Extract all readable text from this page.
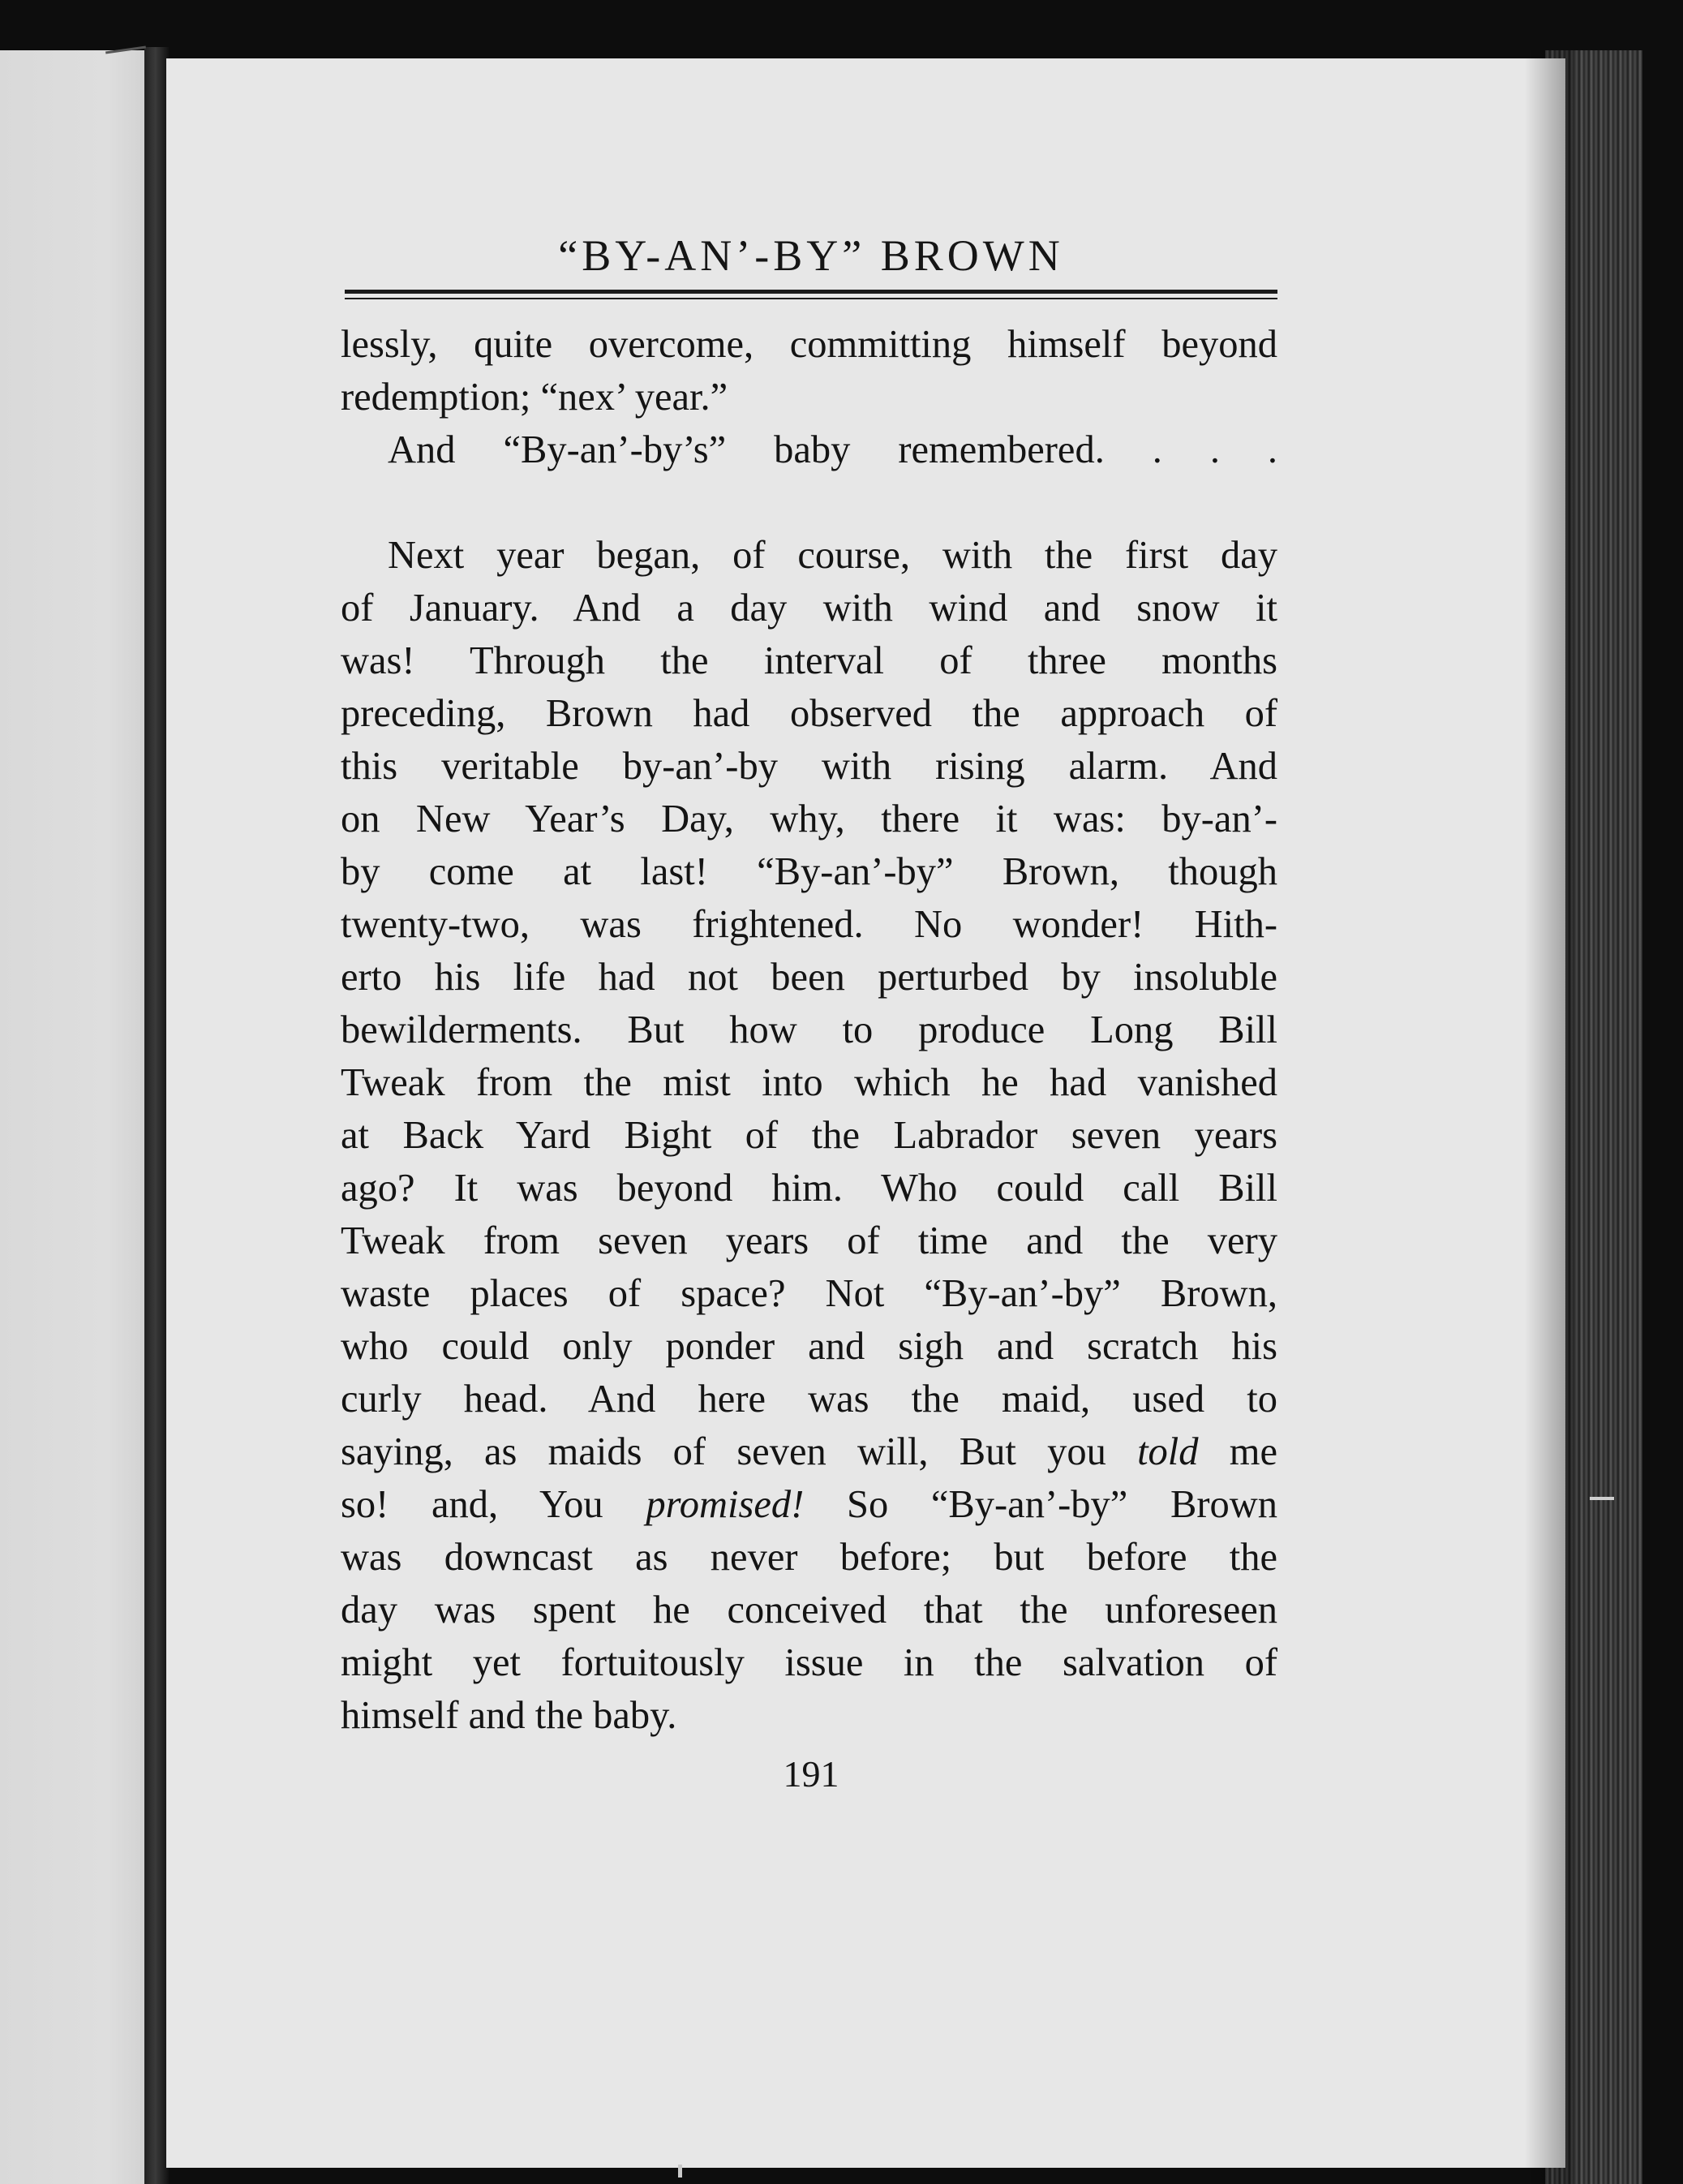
“BY-AN’-BY” BROWN
lessly, quite overcome, committing himself beyond
redemption; “nex’ year.”
And “By-an’-by’s” baby remembered. . . .
Next year began, of course, with the first day
of January. And a day with wind and snow it
was! Through the interval of three months
preceding, Brown had observed the approach of
this veritable by-an’-by with rising alarm. And
on New Year’s Day, why, there it was: by-an’-
by come at last! “By-an’-by” Brown, though
twenty-two, was frightened. No wonder! Hith-
erto his life had not been perturbed by insoluble
bewilderments. But how to produce Long Bill
Tweak from the mist into which he had vanished
at Back Yard Bight of the Labrador seven years
ago? It was beyond him. Who could call Bill
Tweak from seven years of time and the very
waste places of space? Not “By-an’-by” Brown,
who could only ponder and sigh and scratch his
curly head. And here was the maid, used to
saying, as maids of seven will, But you told me
so! and, You promised! So “By-an’-by” Brown
was downcast as never before; but before the
day was spent he conceived that the unforeseen
might yet fortuitously issue in the salvation of
himself and the baby.
191
